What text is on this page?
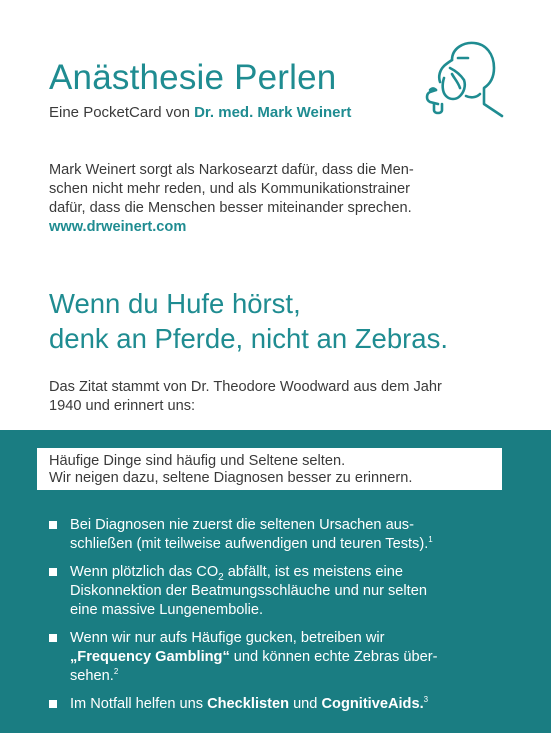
Anästhesie Perlen
Eine PocketCard von Dr. med. Mark Weinert
Mark Weinert sorgt als Narkosearzt dafür, dass die Men-
schen nicht mehr reden, und als Kommunikationstrainer
dafür, dass die Menschen besser miteinander sprechen.
www.drweinert.com
Wenn du Hufe hörst,
denk an Pferde, nicht an Zebras.
Das Zitat stammt von Dr. Theodore Woodward aus dem Jahr
1940 und erinnert uns:
Häufige Dinge sind häufig und Seltene selten.
Wir neigen dazu, seltene Diagnosen besser zu erinnern.
Bei Diagnosen nie zuerst die seltenen Ursachen aus-
schließen (mit teilweise aufwendigen und teuren Tests).$^1$
Wenn plötzlich das $CO_2$ abfällt, ist es meistens eine
Diskonnektion der Beatmungsschläuche und nur selten
eine massive Lungenembolie.
Wenn wir nur aufs Häufige gucken, betreiben wir
„Frequency Gambling“ und können echte Zebras über-
sehen.$^2$
Im Notfall helfen uns Checklisten und CognitiveAids.$^3$
